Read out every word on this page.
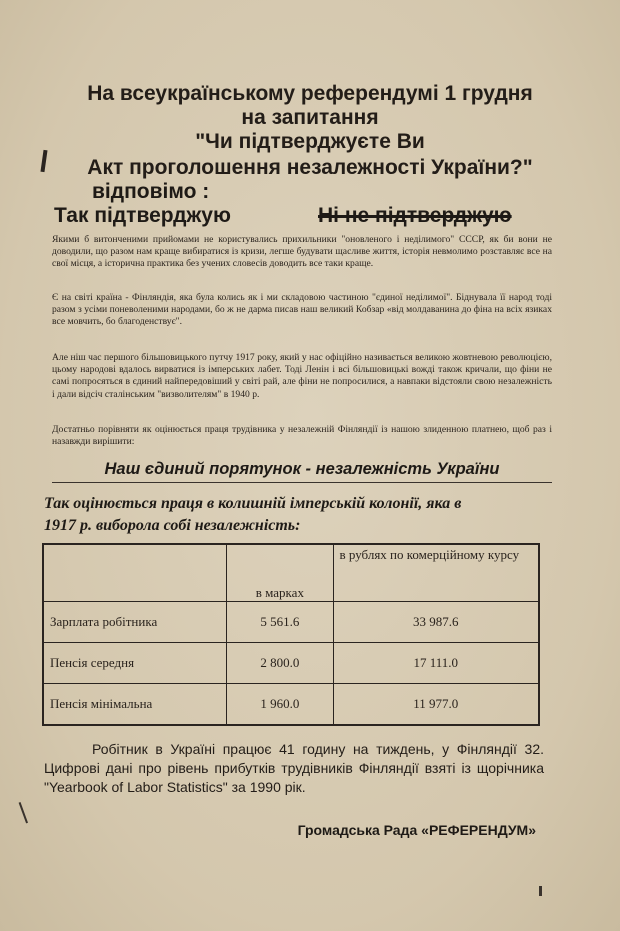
На всеукраїнському референдумі 1 грудня
на запитання
"Чи підтверджуєте Ви
Акт проголошення незалежності України?"
відповімо :
Так підтверджую	Ні не підтверджую
Якими б витонченими прийомами не користувались прихильники "оновленого і неділимого" СССР, як би вони не доводили, що разом нам краще вибиратися із кризи, легше будувати щасливе життя, історія невмолимо розставляє все на свої місця, а історична практика без учених словесів доводить все таки краще.
Є на світі країна - Фінляндія, яка була колись як і ми складовою частиною "єдиної неділимої". Біднувала її народ тоді разом з усіми поневоленими народами, бо ж не дарма писав наш великий Кобзар «від молдаванина до фіна на всіх язиках все мовчить, бо благоденствує".
Але ніш час першого більшовицького путчу 1917 року, який у нас офіційно називається великою жовтневою революцією, цьому народові вдалось вирватися із імперських лабет. Тоді Ленін і всі більшовицькі вожді також кричали, що фіни не самі попросяться в єдиний найпередовіший у світі рай, але фіни не попросилися, а навпаки відстояли свою незалежність і дали відсіч сталінським "визволителям" в 1940 р.
Достатньо порівняти як оцінюється праця трудівника у незалежній Фінляндії із нашою злиденною платнею, щоб раз і назавжди вирішити:
Наш єдиний порятунок - незалежність України
Так оцінюється праця в колишній імперській колонії, яка в
1917 р. виборола собі незалежність:
	в марках	в рублях по комерційному курсу
Зарплата робітника	5 561.6	33 987.6
Пенсія середня	2 800.0	17 111.0
Пенсія мінімальна	1 960.0	11 977.0
Робітник в Україні працює 41 годину на тиждень, у Фінляндії 32. Цифрові дані про рівень прибутків трудівників Фінляндії взяті із щорічника "Yearbook of Labor Statistics" за 1990 рік.
Громадська Рада «РЕФЕРЕНДУМ»
